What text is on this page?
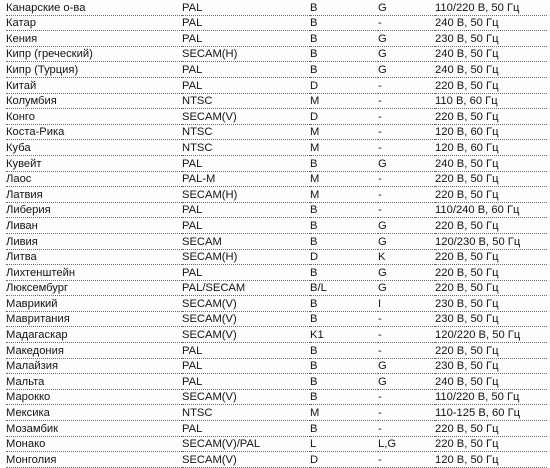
Канарские о-ва	PAL	B	G	110/220 В, 50 Гц
Катар	PAL	B	-	240 В, 50 Гц
Кения	PAL	B	G	230 В, 50 Гц
Кипр (греческий)	SECAM(H)	B	G	240 В, 50 Гц
Кипр (Турция)	PAL	B	G	240 В, 50 Гц
Китай	PAL	D	-	220 В, 50 Гц
Колумбия	NTSC	M	-	110 В, 60 Гц
Конго	SECAM(V)	D	-	220 В, 50 Гц
Коста-Рика	NTSC	M	-	120 В, 60 Гц
Куба	NTSC	M	-	120 В, 60 Гц
Кувейт	PAL	B	G	240 В, 50 Гц
Лаос	PAL-M	M	-	220 В, 50 Гц
Латвия	SECAM(H)	M	-	220 В, 50 Гц
Либерия	PAL	B	-	110/240 В, 60 Гц
Ливан	PAL	B	G	220 В, 50 Гц
Ливия	SECAM	B	G	120/230 В, 50 Гц
Литва	SECAM(H)	D	K	220 В, 50 Гц
Лихтенштейн	PAL	B	G	220 В, 50 Гц
Люксембург	PAL/SECAM	B/L	G	220 В, 50 Гц
Маврикий	SECAM(V)	B	I	230 В, 50 Гц
Мавритания	SECAM(V)	B	-	230 В, 50 Гц
Мадагаскар	SECAM(V)	K1	-	120/220 В, 50 Гц
Македония	PAL	B	-	220 В, 50 Гц
Малайзия	PAL	B	G	230 В, 50 Гц
Мальта	PAL	B	G	240 В, 50 Гц
Марокко	SECAM(V)	B	-	110/220 В, 50 Гц
Мексика	NTSC	M	-	110-125 В, 60 Гц
Мозамбик	PAL	B	-	220 В, 50 Гц
Монако	SECAM(V)/PAL	L	L,G	220 В, 50 Гц
Монголия	SECAM(V)	D	-	120 В, 50 Гц
